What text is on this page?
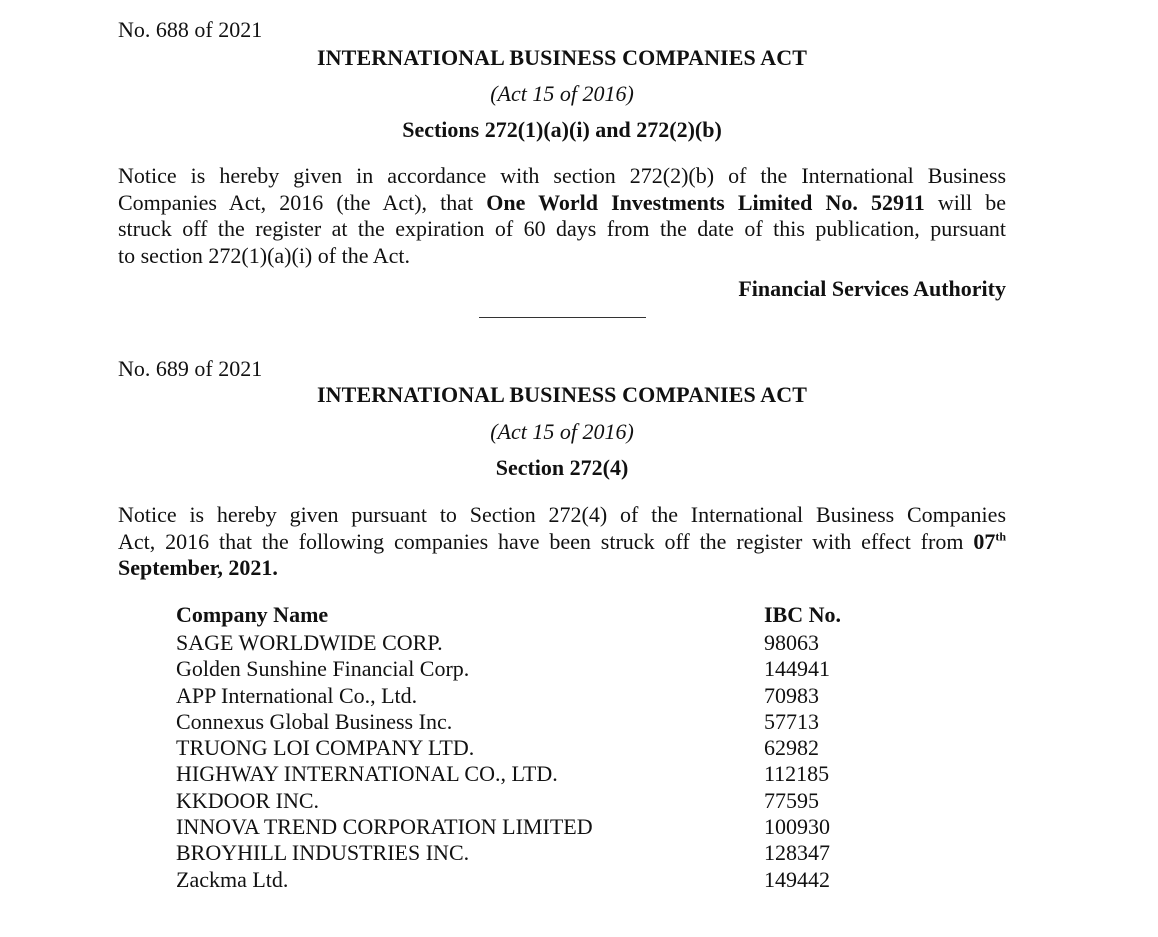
No. 688 of 2021
INTERNATIONAL BUSINESS COMPANIES ACT
(Act 15 of 2016)
Sections 272(1)(a)(i) and 272(2)(b)
Notice is hereby given in accordance with section 272(2)(b) of the International Business
Companies Act, 2016 (the Act), that One World Investments Limited No. 52911 will be
struck off the register at the expiration of 60 days from the date of this publication, pursuant
to section 272(1)(a)(i) of the Act.
Financial Services Authority
No. 689 of 2021
INTERNATIONAL BUSINESS COMPANIES ACT
(Act 15 of 2016)
Section 272(4)
Notice is hereby given pursuant to Section 272(4) of the International Business Companies
Act, 2016 that the following companies have been struck off the register with effect from 07th
September, 2021.
Company Name	IBC No.
SAGE WORLDWIDE CORP.	98063
Golden Sunshine Financial Corp.	144941
APP International Co., Ltd.	70983
Connexus Global Business Inc.	57713
TRUONG LOI COMPANY LTD.	62982
HIGHWAY INTERNATIONAL CO., LTD.	112185
KKDOOR INC.	77595
INNOVA TREND CORPORATION LIMITED	100930
BROYHILL INDUSTRIES INC.	128347
Zackma Ltd.	149442
